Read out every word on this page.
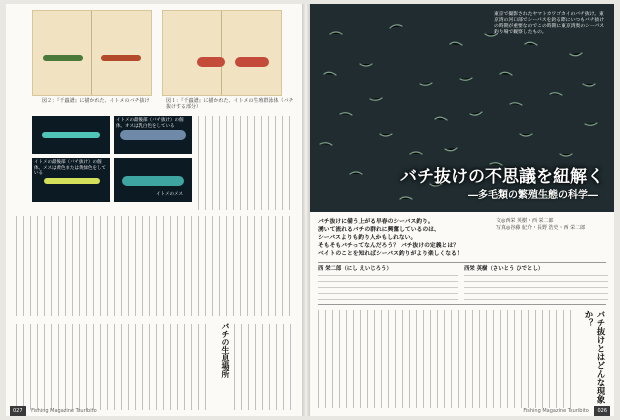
図２：『千蟲譜』に描かれた、イトメのバチ抜け	図１：『千蟲譜』に描かれた、イトメの生殖群泳体（バチ抜けする部分）
イトメの最後部（バチ抜け）の個体。オスは乳白色をしている
イトメの最後部（バチ抜け）の個体。メスは黄色または黄緑色をしている
イトメのメス
バチの生息場所
027 Fishing Magazine Tsuribito
東京で撮影されたヤマトカワゴカイのバチ抜け。東京湾の河口部でシーバスを釣る際にいつもバチ抜けの時期が重要なのでこの時期に東京湾奥のシーバス釣り場で観察したもの。
バチ抜けの不思議を紐解く
―多毛類の繁殖生態の科学―
バチ抜けに備う上がる早春のシーバス釣り。
湧いて流れるバチの群れに興奮しているのは、
シーバスよりも釣り人かもしれない。
そもそもバチってなんだろう？ バチ抜けの定義とは？
ベイトのことを知ればシーバス釣りがより楽しくなる！
文◎西栄 英樹・西 栄二郎
写真◎谷藤 紀介・長野 浩史・西 栄二郎
西 栄二郎（にし えいじろう）	西栄 英樹（さいとう ひでとし）
バチ抜けとはどんな現象か？
Fishing Magazine Tsuribito 026
